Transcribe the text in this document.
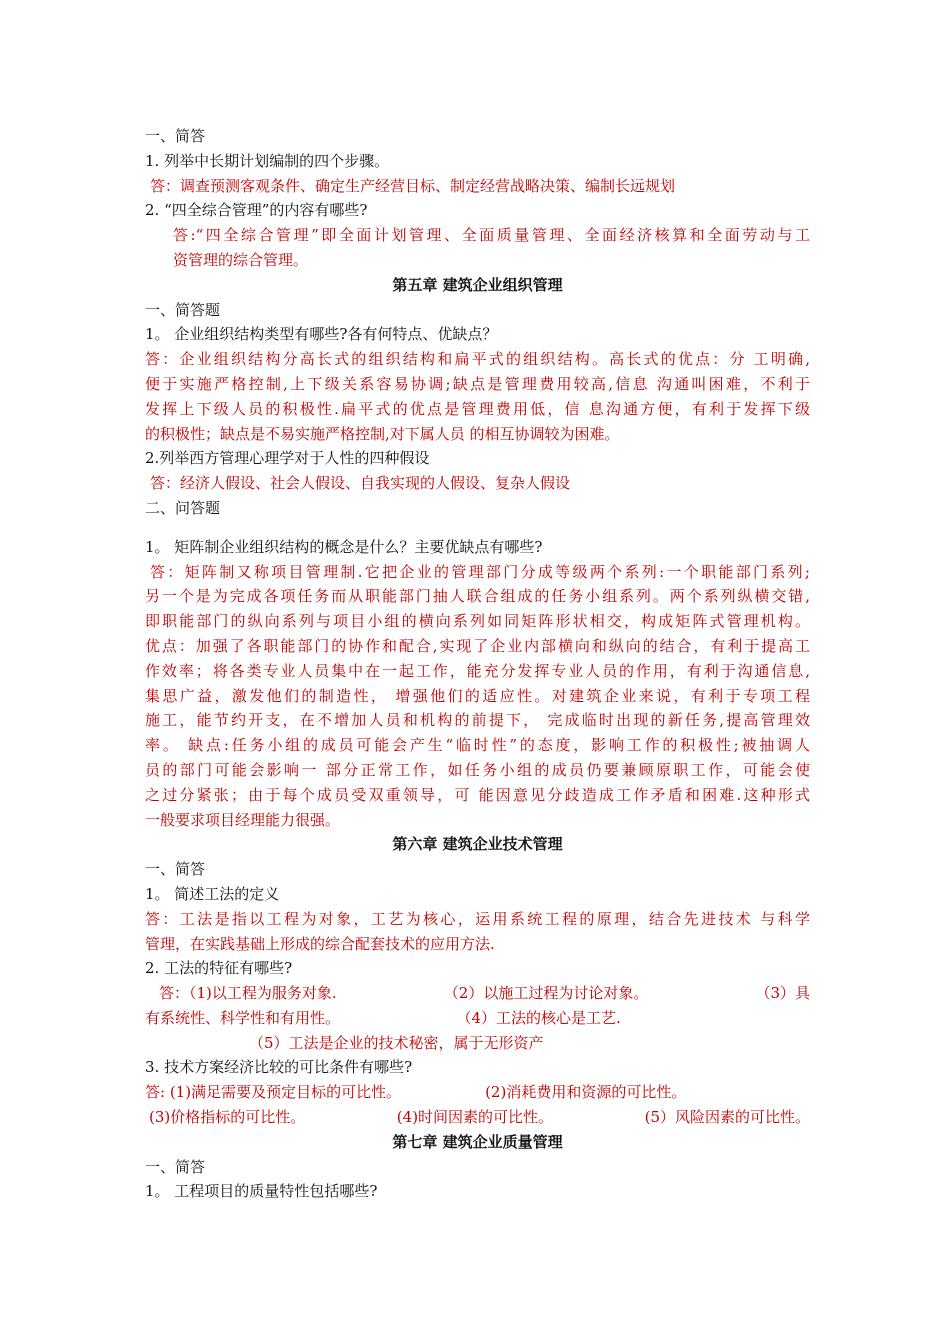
一、简答
1. 列举中长期计划编制的四个步骤。
答：调查预测客观条件、确定生产经营目标、制定经营战略决策、编制长远规划
2. “四全综合管理”的内容有哪些?
答:“四全综合管理”即全面计划管理、全面质量管理、全面经济核算和全面劳动与工
资管理的综合管理。
第五章 建筑企业组织管理
一、简答题
1。 企业组织结构类型有哪些?各有何特点、优缺点？
答：企业组织结构分高长式的组织结构和扁平式的组织结构。高长式的优点：分 工明确,
便于实施严格控制,上下级关系容易协调;缺点是管理费用较高,信息 沟通叫困难，不利于
发挥上下级人员的积极性.扁平式的优点是管理费用低，信 息沟通方便，有利于发挥下级
的积极性；缺点是不易实施严格控制,对下属人员 的相互协调较为困难。
2.列举西方管理心理学对于人性的四种假设
答：经济人假设、社会人假设、自我实现的人假设、复杂人假设
二、问答题
1。 矩阵制企业组织结构的概念是什么？主要优缺点有哪些?
答：矩阵制又称项目管理制.它把企业的管理部门分成等级两个系列:一个职能部门系列;
另一个是为完成各项任务而从职能部门抽人联合组成的任务小组系列。两个系列纵横交错,
即职能部门的纵向系列与项目小组的横向系列如同矩阵形状相交，构成矩阵式管理机构。
优点：加强了各职能部门的协作和配合,实现了企业内部横向和纵向的结合，有利于提高工
作效率；将各类专业人员集中在一起工作，能充分发挥专业人员的作用，有利于沟通信息,
集思广益，激发他们的制造性， 增强他们的适应性。对建筑企业来说，有利于专项工程
施工，能节约开支，在不增加人员和机构的前提下， 完成临时出现的新任务,提高管理效
率。 缺点:任务小组的成员可能会产生“临时性”的态度，影响工作的积极性;被抽调人
员的部门可能会影响一 部分正常工作，如任务小组的成员仍要兼顾原职工作，可能会使
之过分紧张；由于每个成员受双重领导，可 能因意见分歧造成工作矛盾和困难.这种形式
一般要求项目经理能力很强。
第六章 建筑企业技术管理
一、简答
1。 简述工法的定义
答：工法是指以工程为对象，工艺为核心，运用系统工程的原理，结合先进技术 与科学
管理，在实践基础上形成的综合配套技术的应用方法.
2. 工法的特征有哪些?
答：（1)以工程为服务对象.	（2）以施工过程为讨论对象。	（3）具
有系统性、科学性和有用性。	（4）工法的核心是工艺.
（5）工法是企业的技术秘密，属于无形资产
3. 技术方案经济比较的可比条件有哪些?
答: (1)满足需要及预定目标的可比性。	(2)消耗费用和资源的可比性。
(3)价格指标的可比性。	(4)时间因素的可比性。	(5）风险因素的可比性。
第七章 建筑企业质量管理
一、简答
1。 工程项目的质量特性包括哪些?
